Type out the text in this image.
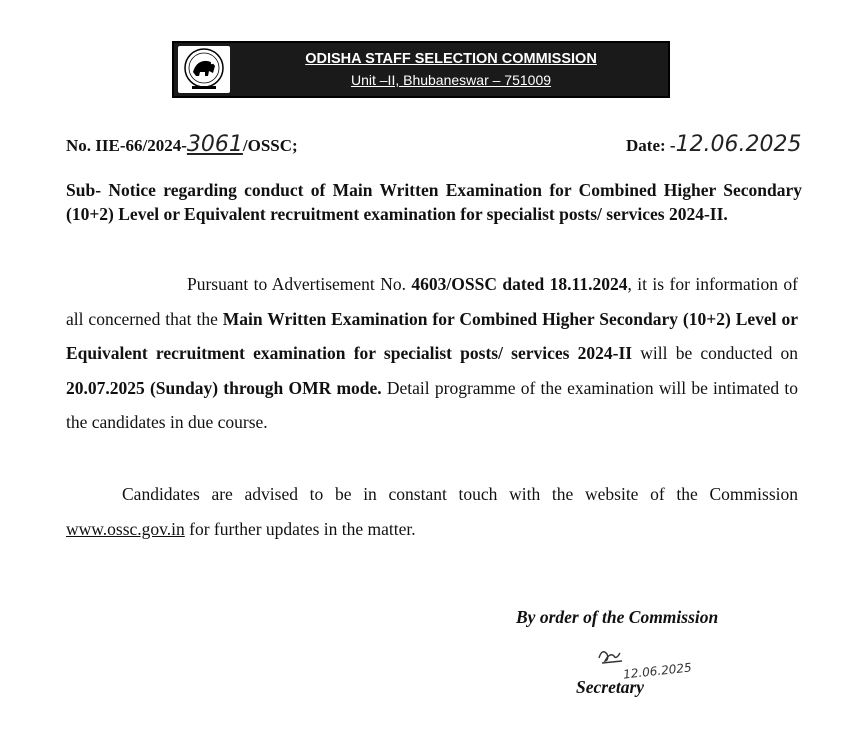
ODISHA STAFF SELECTION COMMISSION
Unit –II, Bhubaneswar – 751009
No. IIE-66/2024-3061/OSSC;	Date: -12.06.2025
Sub- Notice regarding conduct of Main Written Examination for Combined Higher Secondary (10+2) Level or Equivalent recruitment examination for specialist posts/ services 2024-II.
Pursuant to Advertisement No. 4603/OSSC dated 18.11.2024, it is for information of all concerned that the Main Written Examination for Combined Higher Secondary (10+2) Level or Equivalent recruitment examination for specialist posts/ services 2024-II will be conducted on 20.07.2025 (Sunday) through OMR mode. Detail programme of the examination will be intimated to the candidates in due course.
Candidates are advised to be in constant touch with the website of the Commission www.ossc.gov.in for further updates in the matter.
By order of the Commission
12.06.2025
Secretary
